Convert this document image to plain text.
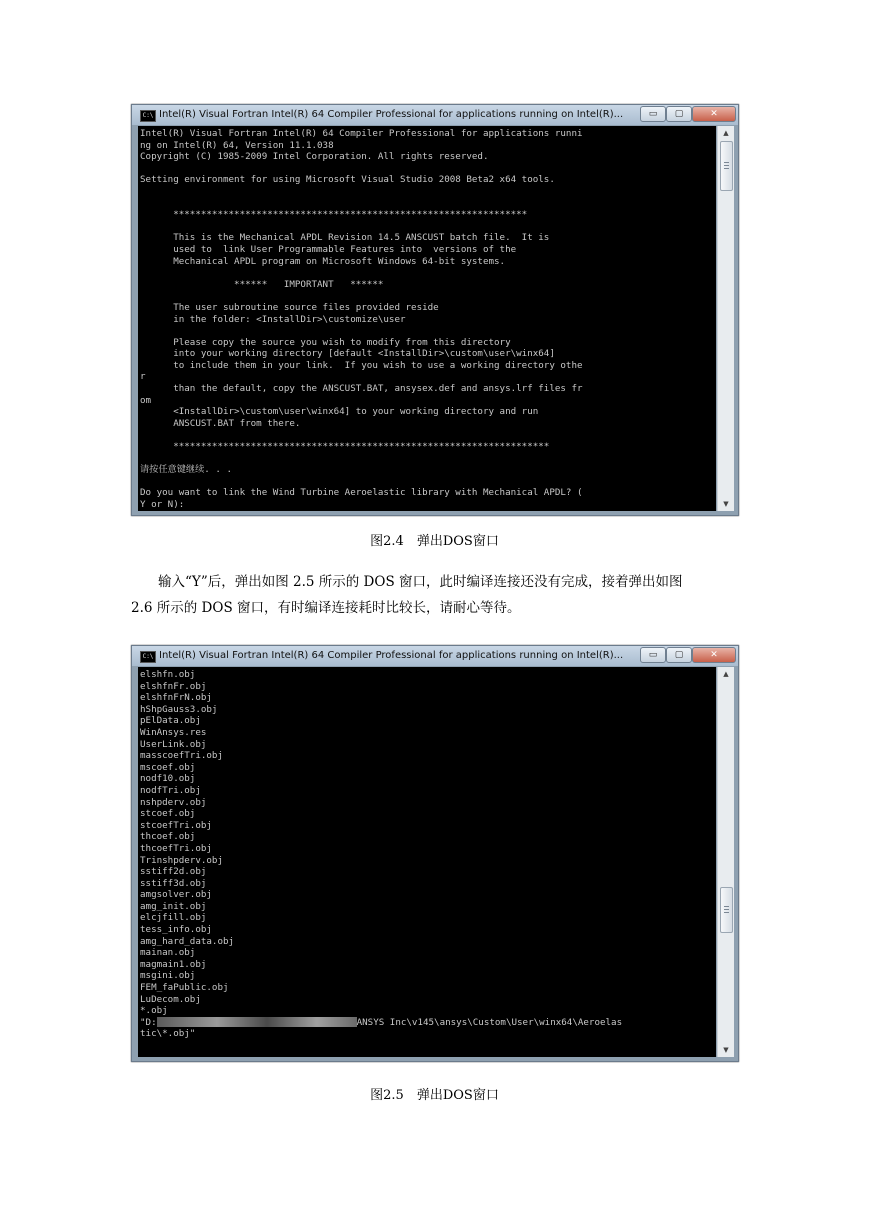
C:\ Intel(R) Visual Fortran Intel(R) 64 Compiler Professional for applications running on Intel(R)...	▭	▢	✕
Intel(R) Visual Fortran Intel(R) 64 Compiler Professional for applications runni
ng on Intel(R) 64, Version 11.1.038
Copyright (C) 1985-2009 Intel Corporation. All rights reserved.
Setting environment for using Microsoft Visual Studio 2008 Beta2 x64 tools.
****************************************************************
This is the Mechanical APDL Revision 14.5 ANSCUST batch file.  It is
used to  link User Programmable Features into  versions of the
Mechanical APDL program on Microsoft Windows 64-bit systems.
******   IMPORTANT   ******
The user subroutine source files provided reside
in the folder: <InstallDir>\customize\user
Please copy the source you wish to modify from this directory
into your working directory [default <InstallDir>\custom\user\winx64]
to include them in your link.  If you wish to use a working directory othe
r
than the default, copy the ANSCUST.BAT, ansysex.def and ansys.lrf files fr
om
<InstallDir>\custom\user\winx64] to your working directory and run
ANSCUST.BAT from there.
********************************************************************
请按任意键继续. . .
Do you want to link the Wind Turbine Aeroelastic library with Mechanical APDL? (
Y or N):
▲
▼
图2.4　弹出DOS窗口
输入“Y”后，弹出如图 2.5 所示的 DOS 窗口，此时编译连接还没有完成，接着弹出如图
2.6 所示的 DOS 窗口，有时编译连接耗时比较长，请耐心等待。
C:\ Intel(R) Visual Fortran Intel(R) 64 Compiler Professional for applications running on Intel(R)...	▭	▢	✕
elshfn.obj
elshfnFr.obj
elshfnFrN.obj
hShpGauss3.obj
pElData.obj
WinAnsys.res
UserLink.obj
masscoefTri.obj
mscoef.obj
nodf10.obj
nodfTri.obj
nshpderv.obj
stcoef.obj
stcoefTri.obj
thcoef.obj
thcoefTri.obj
Trinshpderv.obj
sstiff2d.obj
sstiff3d.obj
amgsolver.obj
amg_init.obj
elcjfill.obj
tess_info.obj
amg_hard_data.obj
mainan.obj
magmain1.obj
msgini.obj
FEM_faPublic.obj
LuDecom.obj
*.obj
"D:	ANSYS Inc\v145\ansys\Custom\User\winx64\Aeroelas
tic\*.obj"
▲
▼
图2.5　弹出DOS窗口
